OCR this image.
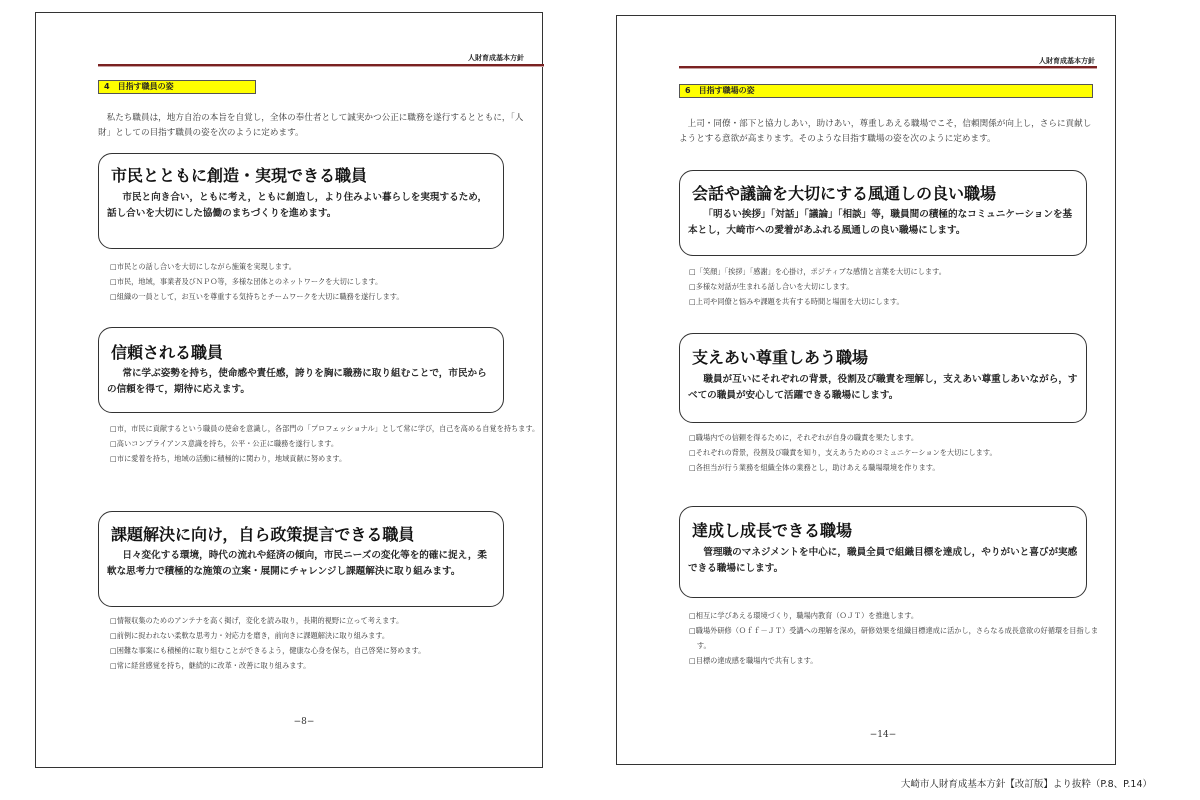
人財育成基本方針
4　目指す職員の姿
私たち職員は，地方自治の本旨を自覚し，全体の奉仕者として誠実かつ公正に職務を遂行するとともに，「人財」としての目指す職員の姿を次のように定めます。
市民とともに創造・実現できる職員
市民と向き合い，ともに考え，ともに創造し，より住みよい暮らしを実現するため，話し合いを大切にした協働のまちづくりを進めます。
□市民との話し合いを大切にしながら施策を実現します。
□市民，地域，事業者及びＮＰＯ等，多様な団体とのネットワークを大切にします。
□組織の一員として，お互いを尊重する気持ちとチームワークを大切に職務を遂行します。
信頼される職員
常に学ぶ姿勢を持ち，使命感や責任感，誇りを胸に職務に取り組むことで，市民からの信頼を得て，期待に応えます。
□市，市民に貢献するという職員の使命を意識し，各部門の「プロフェッショナル」として常に学び，自己を高める自覚を持ちます。
□高いコンプライアンス意識を持ち，公平・公正に職務を遂行します。
□市に愛着を持ち，地域の活動に積極的に関わり，地域貢献に努めます。
課題解決に向け，自ら政策提言できる職員
日々変化する環境，時代の流れや経済の傾向，市民ニーズの変化等を的確に捉え，柔軟な思考力で積極的な施策の立案・展開にチャレンジし課題解決に取り組みます。
□情報収集のためのアンテナを高く掲げ，変化を読み取り，長期的視野に立って考えます。
□前例に捉われない柔軟な思考力・対応力を磨き，前向きに課題解決に取り組みます。
□困難な事案にも積極的に取り組むことができるよう，健康な心身を保ち，自己啓発に努めます。
□常に経営感覚を持ち，継続的に改革・改善に取り組みます。
−8−
人財育成基本方針
6　目指す職場の姿
上司・同僚・部下と協力しあい，助けあい，尊重しあえる職場でこそ，信頼関係が向上し，さらに貢献しようとする意欲が高まります。そのような目指す職場の姿を次のように定めます。
会話や議論を大切にする風通しの良い職場
「明るい挨拶」「対話」「議論」「相談」等，職員間の積極的なコミュニケーションを基本とし，大崎市への愛着があふれる風通しの良い職場にします。
□「笑顔」「挨拶」「感謝」を心掛け，ポジティブな感情と言葉を大切にします。
□多様な対話が生まれる話し合いを大切にします。
□上司や同僚と悩みや課題を共有する時間と場面を大切にします。
支えあい尊重しあう職場
職員が互いにそれぞれの背景，役割及び職責を理解し，支えあい尊重しあいながら，すべての職員が安心して活躍できる職場にします。
□職場内での信頼を得るために，それぞれが自身の職責を果たします。
□それぞれの背景，役割及び職責を知り，支えあうためのコミュニケーションを大切にします。
□各担当が行う業務を組織全体の業務とし，助けあえる職場環境を作ります。
達成し成長できる職場
管理職のマネジメントを中心に，職員全員で組織目標を達成し，やりがいと喜びが実感できる職場にします。
□相互に学びあえる環境づくり，職場内教育（ＯＪＴ）を推進します。
□職場外研修（Ｏｆｆ－ＪＴ）受講への理解を深め，研修効果を組織目標達成に活かし，さらなる成長意欲の好循環を目指します。
□目標の達成感を職場内で共有します。
−14−
大崎市人財育成基本方針【改訂版】より抜粋（P.8、P.14）
